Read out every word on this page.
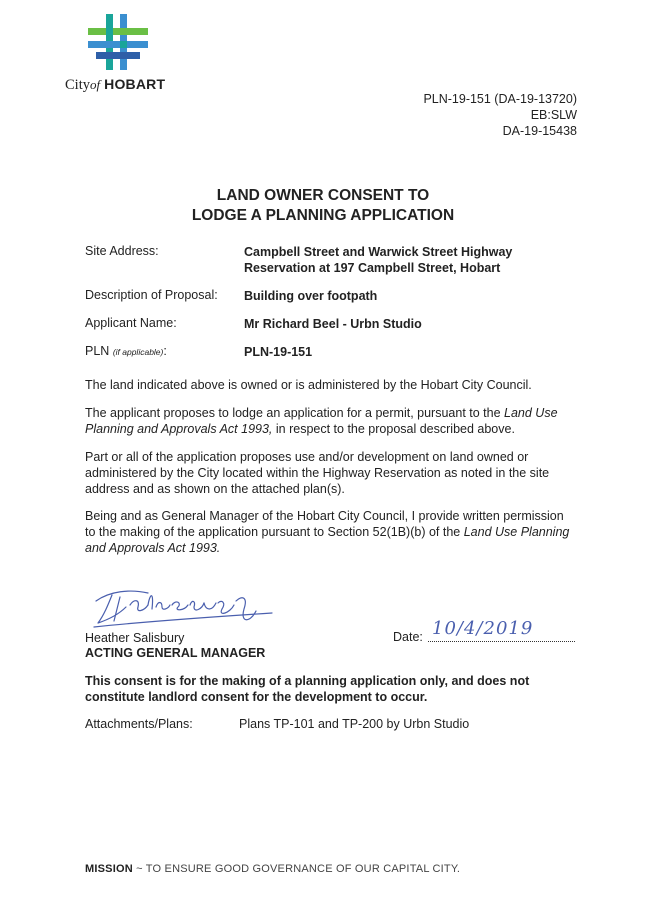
Cityof HOBART
PLN-19-151 (DA-19-13720)
EB:SLW
DA-19-15438
LAND OWNER CONSENT TO
LODGE A PLANNING APPLICATION
Site Address:	Campbell Street and Warwick Street Highway
Reservation at 197 Campbell Street, Hobart
Description of Proposal: Building over footpath
Applicant Name:	Mr Richard Beel - Urbn Studio
PLN (if applicable):	PLN-19-151
The land indicated above is owned or is administered by the Hobart City Council.
The applicant proposes to lodge an application for a permit, pursuant to the Land Use Planning and Approvals Act 1993, in respect to the proposal described above.
Part or all of the application proposes use and/or development on land owned or administered by the City located within the Highway Reservation as noted in the site address and as shown on the attached plan(s).
Being and as General Manager of the Hobart City Council, I provide written permission to the making of the application pursuant to Section 52(1B)(b) of the Land Use Planning and Approvals Act 1993.
Heather Salisbury
ACTING GENERAL MANAGER
Date: 10/4/2019
This consent is for the making of a planning application only, and does not constitute landlord consent for the development to occur.
Attachments/Plans:	Plans TP-101 and TP-200 by Urbn Studio
MISSION ~ TO ENSURE GOOD GOVERNANCE OF OUR CAPITAL CITY.
